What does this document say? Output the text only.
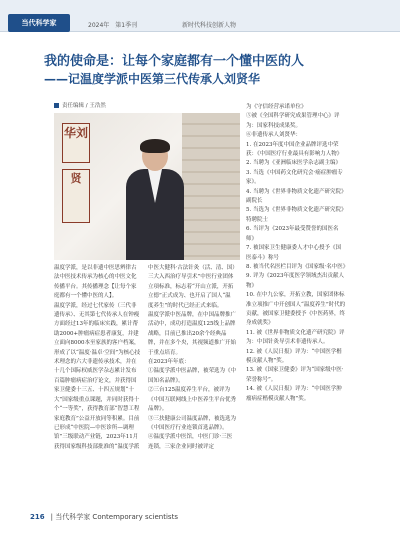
当代科学家	2024年　第1季刊	新时代科技创新人物
我的使命是：让每个家庭都有一个懂中医的人
——记温度学派中医第三代传承人刘贤华
责任编辑 / 王浩然
华刘
贤

温度学派，是以非遗中医思辨律古法中医技术传承为核心的中医文化传播平台。其传播理念【让每个家庭都有一个懂中医的人】。

温度学派，经过七代家传（三代非遗传承）、无其第七代传承人在钟瘦方面经过13年的临床实践，累计帮助2000+肿瘤病症患者康复，并建立面向8000本至家族的客户档案，形成了以“温度·温卓·空间”为核心技术理念的六大非遗传承技术，并在十几个国际权威医学杂志累计发布百篇肿瘤病症治疗论文，并获得国家卫健委十三五、十四五规划“十大”国家级重点课题，并同时获得十个“一等奖”，获得教育部“智慧工程家庭教育”公益开放同等积累。目前已形成“中医院—中医诊所—调理馆”三级联动产业链，2023年11月获得国家级科技部批准的“温度学派

中医大健科·古法针灸（活、清、国）三大入西治疗导引术”中医行业团体立项标准，标志着“开山立派，开拓立德”正式成为、也开启了国人“温度养生”的时代已经正式来临。

温度学派中医品牌，在中国品牌推广活动中，成功打造温度125线上品牌战略，目前已推出20余个经典品牌，并在多个央，其视频道推广开始于重点培育。

在2023年年底：

①温度学派中医品牌，被荣选为《中国知名品牌》。

②三台125温度养生平台，被评为《中国互联网线上中医养生平台优秀品牌》。

③三扶健康公司温度品牌，被选选为《中国医疗行业连锁首选品牌》。

④温度学派中医馆，中医门诊·三医连锁，三家企业同时被评定

为《守信经营承诺单位》

⑤被《全国科学研究成果管理中心》评为：国家科技成果奖。

⑥非遗传承人刘贤华：

1. 在2023年度中国企业品牌评选中荣获：《中国医疗行业最具有影响力人物》

2. 当聘为《亚洲临床医学杂志副主编》

3. 当选《中国药文化研究会·癌症肿瘤专家》。

4. 当聘为《世界非物质文化遗产研究院》副院长

5. 当选为《世界非物质文化遗产研究院》特聘院士

6. 当评为《2023年最受赞誉的国医名师》

7. 被国家卫生健康委人才中心授予《国医泰斗》称号

8. 被当代名医栏目评为《国家级·名中医》

9. 评为《2023年度医学领域杰出贡献人物》

10. 在中九公家，开拓立教，国家团体标准立项推广中开创国人“温度养生”时代的贡献，被国家卫健委授予《中医药界，终身成就奖》

11. 被《世界非物质文化遗产研究院》评为：中国针灸导引术非遗传承人。

12. 被《人民日报》评为：“中国医学楷模贡献人物”奖。

13. 被《国家卫健委》评为“国家级中医·荣誉称号”。

14. 被《人民日报》评为：“中国医学肿瘤病症楷模贡献人物”奖。

216 | 当代科学家 Contemporary scientists
